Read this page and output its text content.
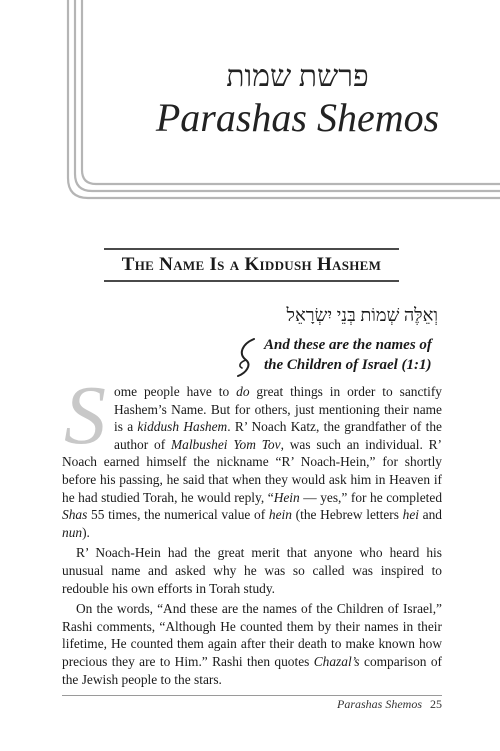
פרשת שמות
Parashas Shemos
The Name Is a Kiddush Hashem
וְאֵלֶּה שְׁמוֹת בְּנֵי יִשְׂרָאֵל
And these are the names of
the Children of Israel (1:1)

Some people have to do great things in order to sanctify Hashem’s Name. But for others, just mentioning their name is a kiddush Hashem. R’ Noach Katz, the grandfather of the author of Malbushei Yom Tov, was such an individual. R’ Noach earned himself the nickname “R’ Noach-Hein,” for shortly before his passing, he said that when they would ask him in Heaven if he had studied Torah, he would reply, “Hein — yes,” for he completed Shas 55 times, the numerical value of hein (the Hebrew letters hei and nun).

R’ Noach-Hein had the great merit that anyone who heard his unusual name and asked why he was so called was inspired to redouble his own efforts in Torah study.

On the words, “And these are the names of the Children of Israel,” Rashi comments, “Although He counted them by their names in their lifetime, He counted them again after their death to make known how precious they are to Him.” Rashi then quotes Chazal’s comparison of the Jewish people to the stars.

Parashas Shemos 25
